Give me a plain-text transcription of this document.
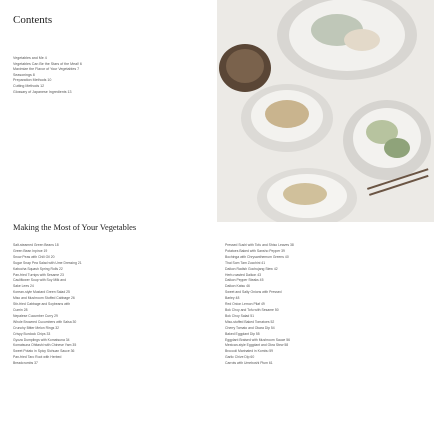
Contents
Vegetables and Me 4
Vegetables Can Be the Stars of the Meal! 6
Maximize the Flavor of Your Vegetables 7
Seasonings 8
Preparation Methods 10
Cutting Methods 12
Glossary of Japanese Ingredients 13
Making the Most of Your Vegetables
Salt-steamed Green Beans 18
Green Bean Inpiroe 19
Snow Peas with Chili Oil 20
Sugar Snap Pea Salad with Ume Dressing 21
Kabocha Squash Spring Rolls 22
Pan-fried Turnips with Sesame 23
Cauliflower Soup with Soy Milk and
Sake Lees 24
Korean-style Mustard Green Salad 25
Miso and Mushroom Stuffed Cabbage 26
Stir-fried Cabbage and Soybeans with
Cumin 28
Nepalese Cucumber Curry 29
Whole Browned Cucumbers with Salsa 30
Crunchy Bitter Melon Rings 32
Crispy Burdock Chips 33
Gyoza Dumplings with Komatsuna 34
Komatsuna Ohitashi with Chinese Yam 35
Sweet Potato in Spicy Sichuan Sauce 36
Pan-fried Taro Root with Herbed
Breadcrumbs 37
Pressed Sushi with Tofu and Shiso Leaves 38
Potatoes Baked with Sansho Pepper 39
Bochinga with Chrysanthemum Greens 40
Thai Som Tam Zucchini 41
Daikon Radish Gochujang Stew 42
Herb-roasted Daikon 43
Daikon Pepper Steaks 45
Daikon Katsu 46
Sweet and Salty Onions with Pressed
Barley 48
Red Onion Lemon Pilaf 49
Bok Choy and Tofu with Sesame 50
Bok Choy Salad 51
Miso-stuffed Baked Tomatoes 52
Cherry Tomato and Okara Dip 54
Baked Eggplant Dip 55
Eggplant Braised with Mushroom Sauce 56
Mexican-style Eggplant and Okra Stew 58
Broccoli Marinated in Kombu 59
Garlic Chive Dip 60
Carrots with Umeboshi Plum 61
